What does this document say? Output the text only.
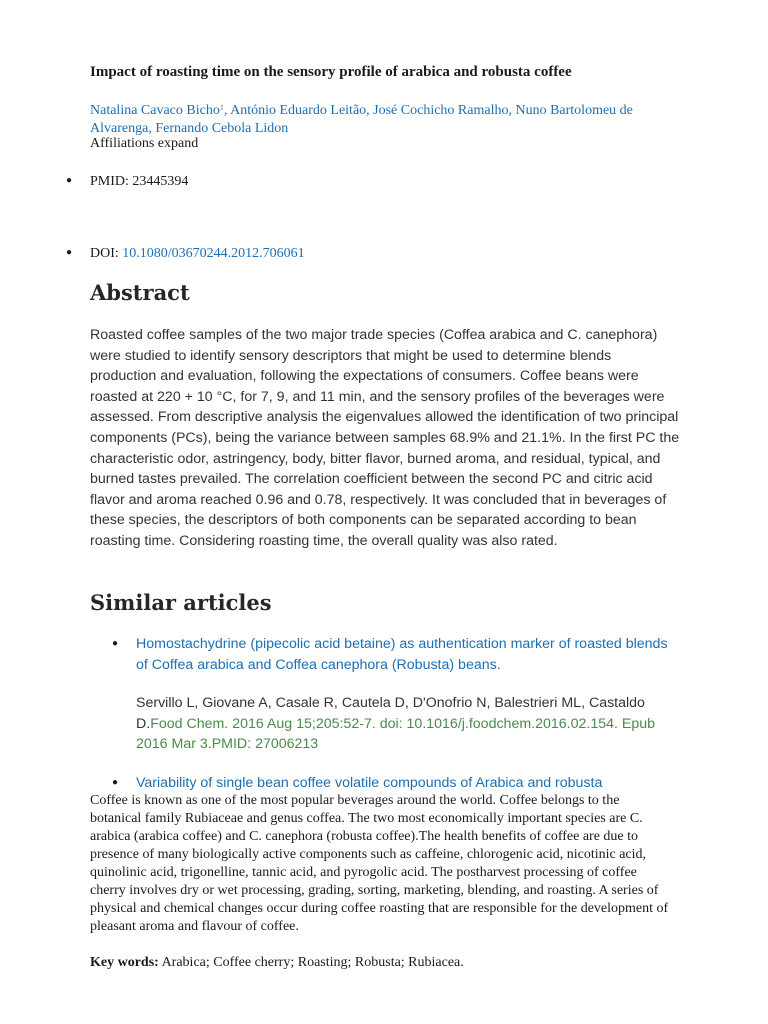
Impact of roasting time on the sensory profile of arabica and robusta coffee
Natalina Cavaco Bicho$^1$, António Eduardo Leitão, José Cochicho Ramalho, Nuno Bartolomeu de Alvarenga, Fernando Cebola Lidon
Affiliations expand
● PMID: 23445394
● DOI: 10.1080/03670244.2012.706061
Abstract

Roasted coffee samples of the two major trade species (Coffea arabica and C. canephora) were studied to identify sensory descriptors that might be used to determine blends production and evaluation, following the expectations of consumers. Coffee beans were roasted at 220 + 10 °C, for 7, 9, and 11 min, and the sensory profiles of the beverages were assessed. From descriptive analysis the eigenvalues allowed the identification of two principal components (PCs), being the variance between samples 68.9% and 21.1%. In the first PC the characteristic odor, astringency, body, bitter flavor, burned aroma, and residual, typical, and burned tastes prevailed. The correlation coefficient between the second PC and citric acid flavor and aroma reached 0.96 and 0.78, respectively. It was concluded that in beverages of these species, the descriptors of both components can be separated according to bean roasting time. Considering roasting time, the overall quality was also rated.

Similar articles
● Homostachydrine (pipecolic acid betaine) as authentication marker of roasted blends of Coffea arabica and Coffea canephora (Robusta) beans.
Servillo L, Giovane A, Casale R, Cautela D, D'Onofrio N, Balestrieri ML, Castaldo D.Food Chem. 2016 Aug 15;205:52-7. doi: 10.1016/j.foodchem.2016.02.154. Epub 2016 Mar 3.PMID: 27006213
● Variability of single bean coffee volatile compounds of Arabica and robusta

Coffee is known as one of the most popular beverages around the world. Coffee belongs to the botanical family Rubiaceae and genus coffea. The two most economically important species are C. arabica (arabica coffee) and C. canephora (robusta coffee).The health benefits of coffee are due to presence of many biologically active components such as caffeine, chlorogenic acid, nicotinic acid, quinolinic acid, trigonelline, tannic acid, and pyrogolic acid. The postharvest processing of coffee cherry involves dry or wet processing, grading, sorting, marketing, blending, and roasting. A series of physical and chemical changes occur during coffee roasting that are responsible for the development of pleasant aroma and flavour of coffee.

Key words: Arabica; Coffee cherry; Roasting; Robusta; Rubiacea.
